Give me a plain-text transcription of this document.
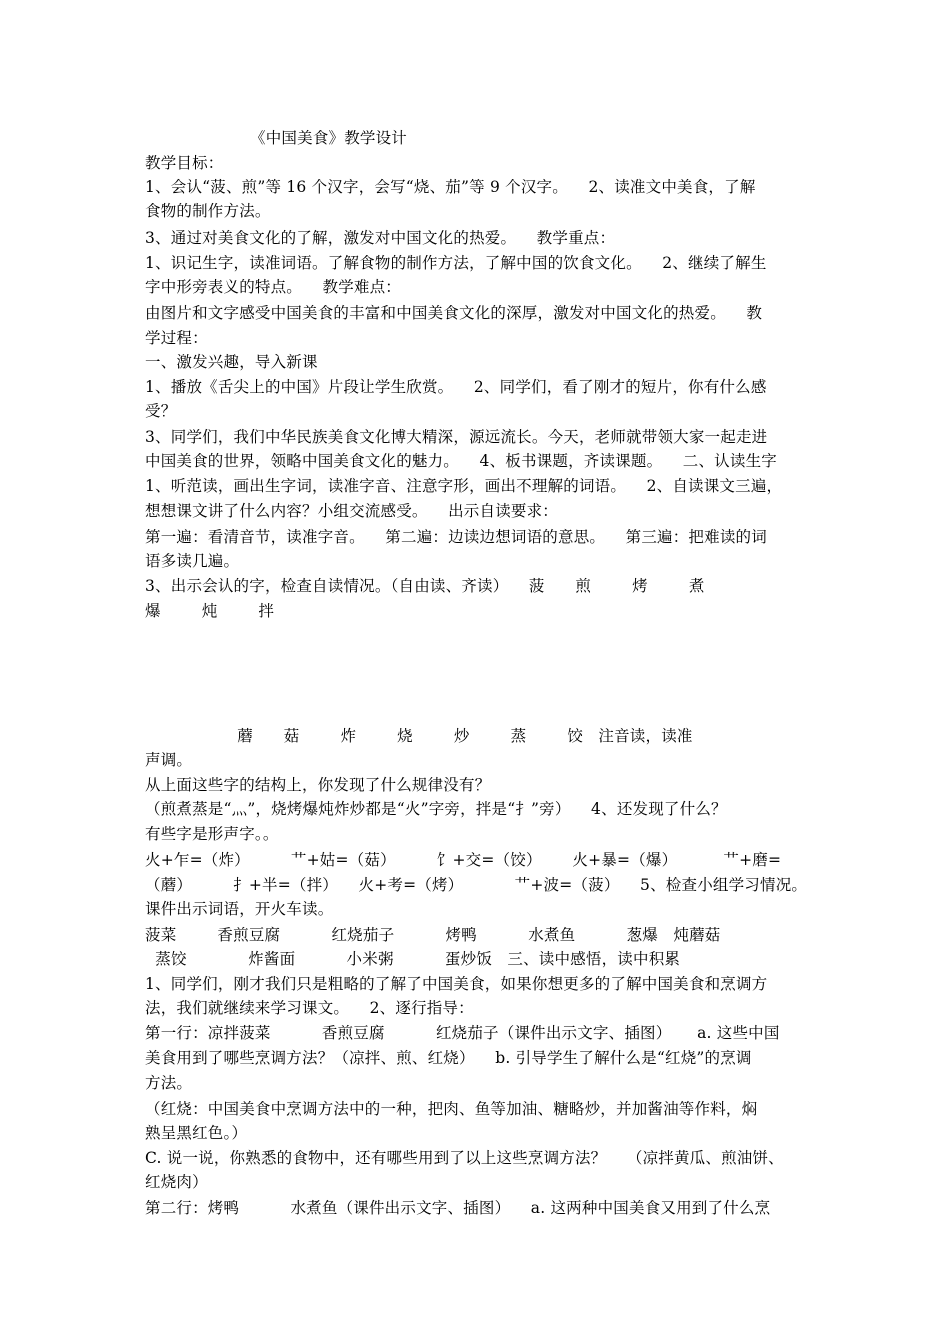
《中国美食》教学设计
教学目标：
1、会认“菠、煎”等 16 个汉字，会写“烧、茄”等 9 个汉字。    2、读准文中美食，了解
食物的制作方法。
3、通过对美食文化的了解，激发对中国文化的热爱。    教学重点：
1、识记生字，读准词语。了解食物的制作方法，了解中国的饮食文化。    2、继续了解生
字中形旁表义的特点。    教学难点：
由图片和文字感受中国美食的丰富和中国美食文化的深厚，激发对中国文化的热爱。    教
学过程：
一、激发兴趣，导入新课
1、播放《舌尖上的中国》片段让学生欣赏。    2、同学们，看了刚才的短片，你有什么感
受？
3、同学们，我们中华民族美食文化博大精深，源远流长。今天，老师就带领大家一起走进
中国美食的世界，领略中国美食文化的魅力。    4、板书课题，齐读课题。    二、认读生字
1、听范读，画出生字词，读准字音、注意字形，画出不理解的词语。    2、自读课文三遍，
想想课文讲了什么内容？小组交流感受。    出示自读要求：
第一遍：看清音节，读准字音。    第二遍：边读边想词语的意思。    第三遍：把难读的词
语多读几遍。
3、出示会认的字，检查自读情况。（自由读、齐读）    菠      煎        烤        煮
爆        炖        拌
蘑      菇        炸        烧        炒        蒸        饺   注音读，读准
声调。
从上面这些字的结构上，你发现了什么规律没有？
（煎煮蒸是“灬”，烧烤爆炖炸炒都是“火”字旁，拌是“扌”旁）    4、还发现了什么？
有些字是形声字。。
火+乍=（炸）        艹+姑=（菇）        饣+交=（饺）      火+暴=（爆）         艹+磨=
（蘑）        扌+半=（拌）    火+考=（烤）          艹+波=（菠）    5、检查小组学习情况。
课件出示词语，开火车读。
菠菜        香煎豆腐          红烧茄子          烤鸭          水煮鱼          葱爆   炖蘑菇
蒸饺            炸酱面          小米粥          蛋炒饭   三、读中感悟，读中积累
1、同学们，刚才我们只是粗略的了解了中国美食，如果你想更多的了解中国美食和烹调方
法，我们就继续来学习课文。    2、逐行指导：
第一行：凉拌菠菜          香煎豆腐          红烧茄子（课件出示文字、插图）     a. 这些中国
美食用到了哪些烹调方法？（凉拌、煎、红烧）    b. 引导学生了解什么是“红烧”的烹调
方法。
（红烧：中国美食中烹调方法中的一种，把肉、鱼等加油、糖略炒，并加酱油等作料，焖
熟呈黑红色。）
C. 说一说，你熟悉的食物中，还有哪些用到了以上这些烹调方法？    （凉拌黄瓜、煎油饼、
红烧肉）
第二行：烤鸭          水煮鱼（课件出示文字、插图）    a. 这两种中国美食又用到了什么烹
